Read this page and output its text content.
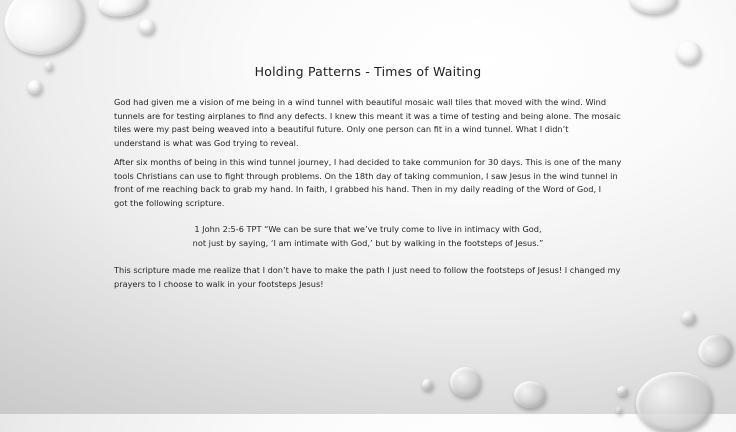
Holding Patterns - Times of Waiting
God had given me a vision of me being in a wind tunnel with beautiful mosaic wall tiles that moved with the wind. Wind
tunnels are for testing airplanes to find any defects. I knew this meant it was a time of testing and being alone. The mosaic
tiles were my past being weaved into a beautiful future. Only one person can fit in a wind tunnel. What I didn’t
understand is what was God trying to reveal.
After six months of being in this wind tunnel journey, I had decided to take communion for 30 days. This is one of the many
tools Christians can use to fight through problems. On the 18th day of taking communion, I saw Jesus in the wind tunnel in
front of me reaching back to grab my hand. In faith, I grabbed his hand. Then in my daily reading of the Word of God, I
got the following scripture.
1 John 2:5-6 TPT “We can be sure that we’ve truly come to live in intimacy with God,
not just by saying, ‘I am intimate with God,’ but by walking in the footsteps of Jesus.”
This scripture made me realize that I don’t have to make the path I just need to follow the footsteps of Jesus! I changed my
prayers to I choose to walk in your footsteps Jesus!
